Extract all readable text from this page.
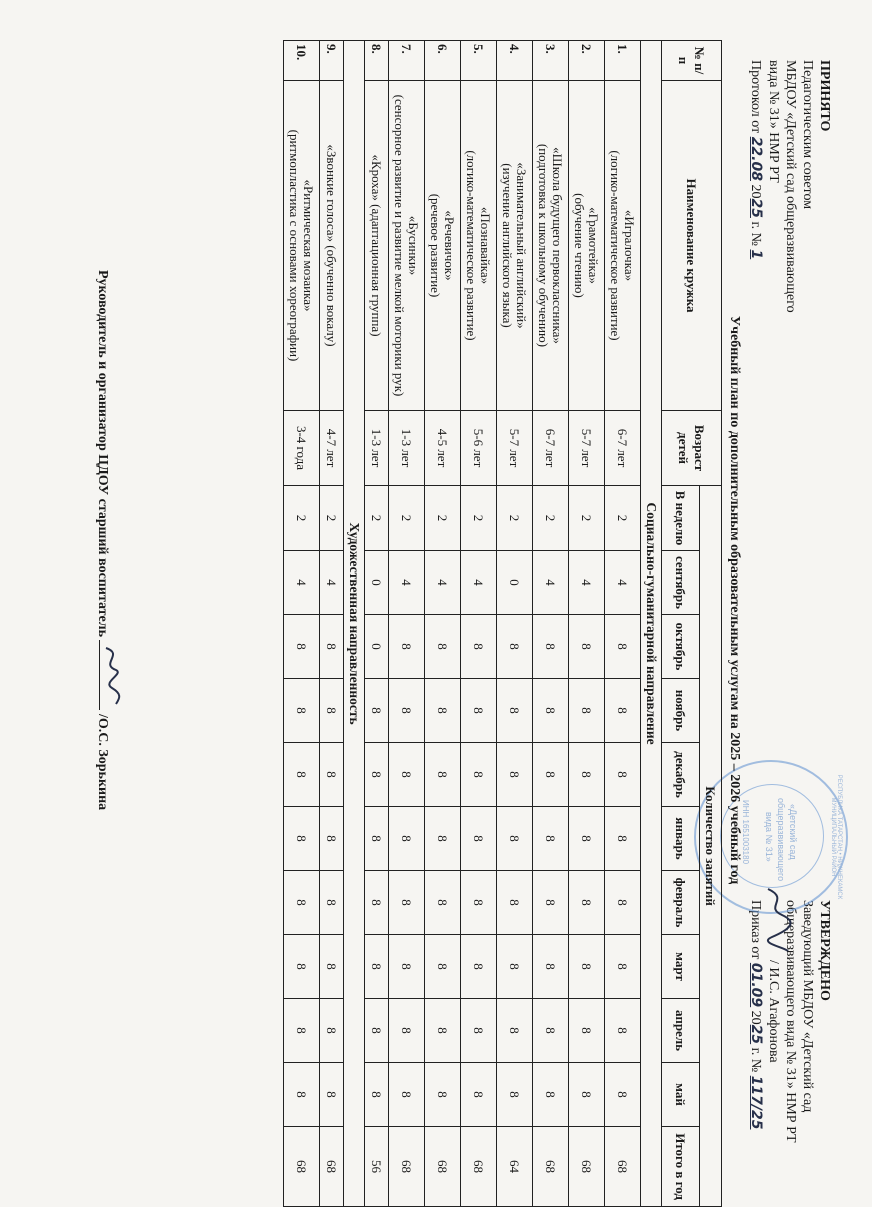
ПРИНЯТО
Педагогическим советом
МБДОУ «Детский сад общеразвивающего
вида № 31» НМР РТ
Протокол от 22.08 2025 г. № 1
УТВЕРЖДЕНО
Заведующий МБДОУ «Детский сад
общеразвивающего вида № 31» НМР РТ
/ И.С. Агафонова
Приказ от 01.09 2025 г. № 117/25
РЕСПУБЛИКА ТАТАРСТАН • НИЖНЕКАМСК МУНИЦИПАЛЬНЫЙ РАЙОН
«Детский сад
общеразвивающего
вида № 31»
ИНН 1651003180
Учебный план по дополнительным образовательным услугам на 2025 – 2026 учебный год
№ п/п	Наименование кружка	Возраст детей	Количество занятий										
			В неделю	сентябрь	октябрь	ноябрь	декабрь	январь	февраль	март	апрель	май	Итого в год
Социально-гуманитарной направление													
1.	«Игралочка»
(логико-математическое развитие)	6-7 лет	2	4	8	8	8	8	8	8	8	8	68
2.	«Грамотейка»
(обучение чтению)	5-7 лет	2	4	8	8	8	8	8	8	8	8	68
3.	«Школа будущего первоклассника»
(подготовка к школьному обучению)	6-7 лет	2	4	8	8	8	8	8	8	8	8	68
4.	«Занимательный английский»
(изучение английского языка)	5-7 лет	2	0	8	8	8	8	8	8	8	8	64
5.	«Познавайка»
(логико-математическое развитие)	5-6 лет	2	4	8	8	8	8	8	8	8	8	68
6.	«Речевичок»
(речевое развитие)	4-5 лет	2	4	8	8	8	8	8	8	8	8	68
7.	«Бусинки»
(сенсорное развитие и развитие мелкой моторики рук)	1-3 лет	2	4	8	8	8	8	8	8	8	8	68
8.	«Кроха» (адаптационная группа)	1-3 лет	2	0	0	8	8	8	8	8	8	8	56
Художественная направленность													
9.	«Звонкие голоса» (обученно вокалу)	4-7 лет	2	4	8	8	8	8	8	8	8	8	68
10.	«Ритмическая мозаика»
(ритмопластика с основами хореографии)	3-4 года	2	4	8	8	8	8	8	8	8	8	68
Руководитель и организатор ЦДОУ старший воспитатель
/О.С. Зорькина
